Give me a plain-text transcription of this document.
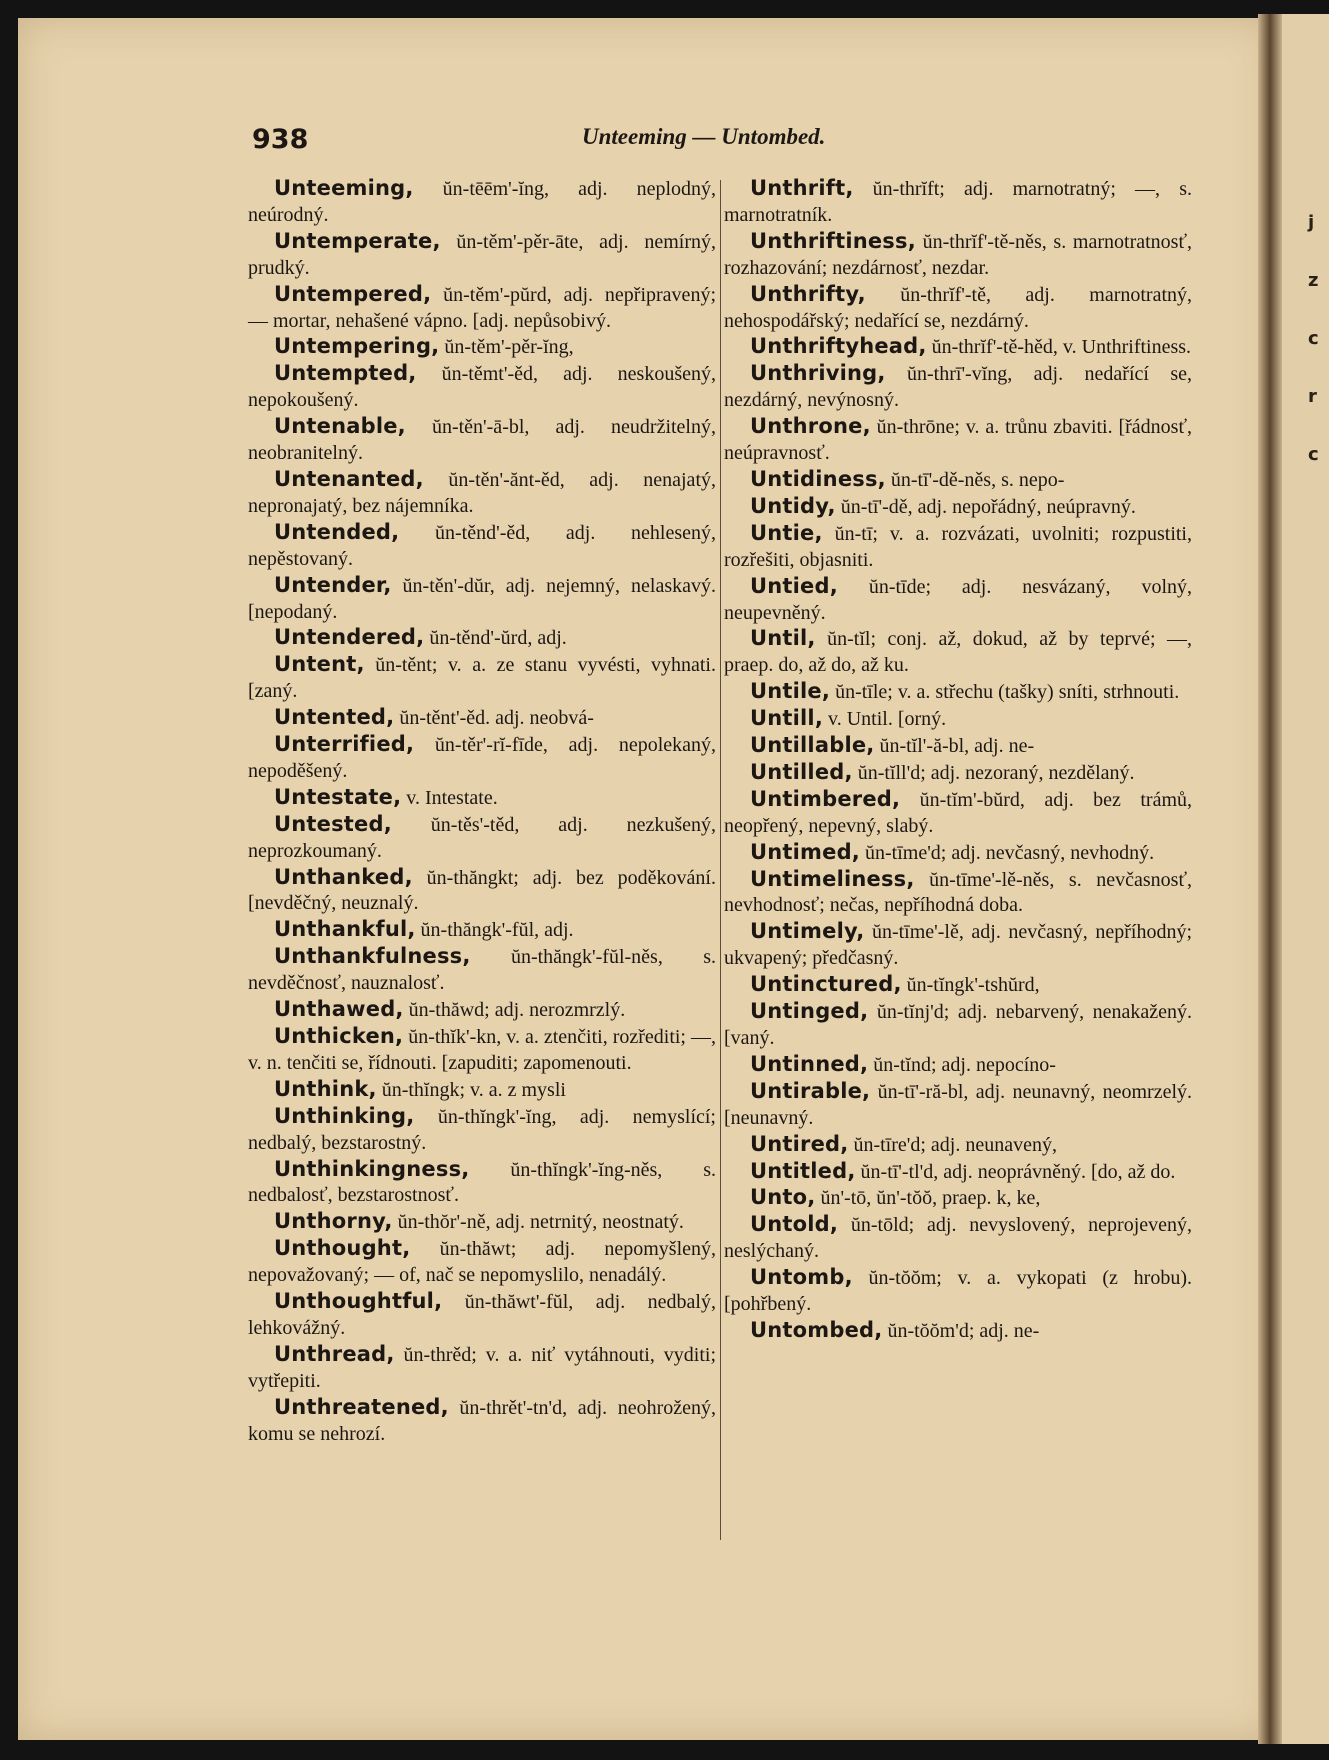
j
z
c
r
c
938	Unteeming — Untombed.

Unteeming, ŭn-tēēm'-ĭng, adj. neplodný, neúrodný.

Untemperate, ŭn-těm'-pěr-āte, adj. nemírný, prudký.

Untempered, ŭn-těm'-pŭrd, adj. nepřipravený; — mortar, nehašené vápno. [adj. nepůsobivý.

Untempering, ŭn-těm'-pěr-ĭng,

Untempted, ŭn-těmt'-ěd, adj. neskoušený, nepokoušený.

Untenable, ŭn-těn'-ā-bl, adj. neudržitelný, neobranitelný.

Untenanted, ŭn-těn'-ănt-ěd, adj. nenajatý, nepronajatý, bez nájemníka.

Untended, ŭn-těnd'-ěd, adj. nehlesený, nepěstovaný.

Untender, ŭn-těn'-dŭr, adj. nejemný, nelaskavý. [nepodaný.

Untendered, ŭn-těnd'-ŭrd, adj.

Untent, ŭn-těnt; v. a. ze stanu vyvésti, vyhnati. [zaný.

Untented, ŭn-těnt'-ěd. adj. neobvá-

Unterrified, ŭn-těr'-rĭ-fīde, adj. nepolekaný, nepoděšený.

Untestate, v. Intestate.

Untested, ŭn-těs'-těd, adj. nezkušený, neprozkoumaný.

Unthanked, ŭn-thăngkt; adj. bez poděkování. [nevděčný, neuznalý.

Unthankful, ŭn-thăngk'-fŭl, adj.

Unthankfulness, ŭn-thăngk'-fŭl-něs, s. nevděčnosť, nauznalosť.

Unthawed, ŭn-thăwd; adj. nerozmrzlý.

Unthicken, ŭn-thĭk'-kn, v. a. ztenčiti, rozřediti; —, v. n. tenčiti se, řídnouti. [zapuditi; zapomenouti.

Unthink, ŭn-thĭngk; v. a. z mysli

Unthinking, ŭn-thĭngk'-ĭng, adj. nemyslící; nedbalý, bezstarostný.

Unthinkingness, ŭn-thĭngk'-ĭng-něs, s. nedbalosť, bezstarostnosť.

Unthorny, ŭn-thŏr'-ně, adj. netrnitý, neostnatý.

Unthought, ŭn-thăwt; adj. nepomyšlený, nepovažovaný; — of, nač se nepomyslilo, nenadálý.

Unthoughtful, ŭn-thăwt'-fŭl, adj. nedbalý, lehkovážný.

Unthread, ŭn-thrěd; v. a. niť vytáhnouti, vyditi; vytřepiti.

Unthreatened, ŭn-thrět'-tn'd, adj. neohrožený, komu se nehrozí.

Unthrift, ŭn-thrĭft; adj. marnotratný; —, s. marnotratník.

Unthriftiness, ŭn-thrĭf'-tě-něs, s. marnotratnosť, rozhazování; nezdárnosť, nezdar.

Unthrifty, ŭn-thrĭf'-tě, adj. marnotratný, nehospodářský; nedařící se, nezdárný.

Unthriftyhead, ŭn-thrĭf'-tě-hěd, v. Unthriftiness.

Unthriving, ŭn-thrī'-vĭng, adj. nedařící se, nezdárný, nevýnosný.

Unthrone, ŭn-thrōne; v. a. trůnu zbaviti. [řádnosť, neúpravnosť.

Untidiness, ŭn-tī'-dě-něs, s. nepo-

Untidy, ŭn-tī'-dě, adj. nepořádný, neúpravný.

Untie, ŭn-tī; v. a. rozvázati, uvolniti; rozpustiti, rozřešiti, objasniti.

Untied, ŭn-tīde; adj. nesvázaný, volný, neupevněný.

Until, ŭn-tĭl; conj. až, dokud, až by teprvé; —, praep. do, až do, až ku.

Untile, ŭn-tīle; v. a. střechu (tašky) sníti, strhnouti.

Untill, v. Until. [orný.

Untillable, ŭn-tĭl'-ă-bl, adj. ne-

Untilled, ŭn-tĭll'd; adj. nezoraný, nezdělaný.

Untimbered, ŭn-tĭm'-bŭrd, adj. bez trámů, neopřený, nepevný, slabý.

Untimed, ŭn-tīme'd; adj. nevčasný, nevhodný.

Untimeliness, ŭn-tīme'-lě-něs, s. nevčasnosť, nevhodnosť; nečas, nepříhodná doba.

Untimely, ŭn-tīme'-lě, adj. nevčasný, nepříhodný; ukvapený; předčasný.

Untinctured, ŭn-tĭngk'-tshŭrd,

Untinged, ŭn-tĭnj'd; adj. nebarvený, nenakažený. [vaný.

Untinned, ŭn-tĭnd; adj. nepocíno-

Untirable, ŭn-tī'-ră-bl, adj. neunavný, neomrzelý. [neunavný.

Untired, ŭn-tīre'd; adj. neunavený,

Untitled, ŭn-tī'-tl'd, adj. neoprávněný. [do, až do.

Unto, ŭn'-tō, ŭn'-tŏŏ, praep. k, ke,

Untold, ŭn-tōld; adj. nevyslovený, neprojevený, neslýchaný.

Untomb, ŭn-tŏŏm; v. a. vykopati (z hrobu). [pohřbený.

Untombed, ŭn-tŏŏm'd; adj. ne-
